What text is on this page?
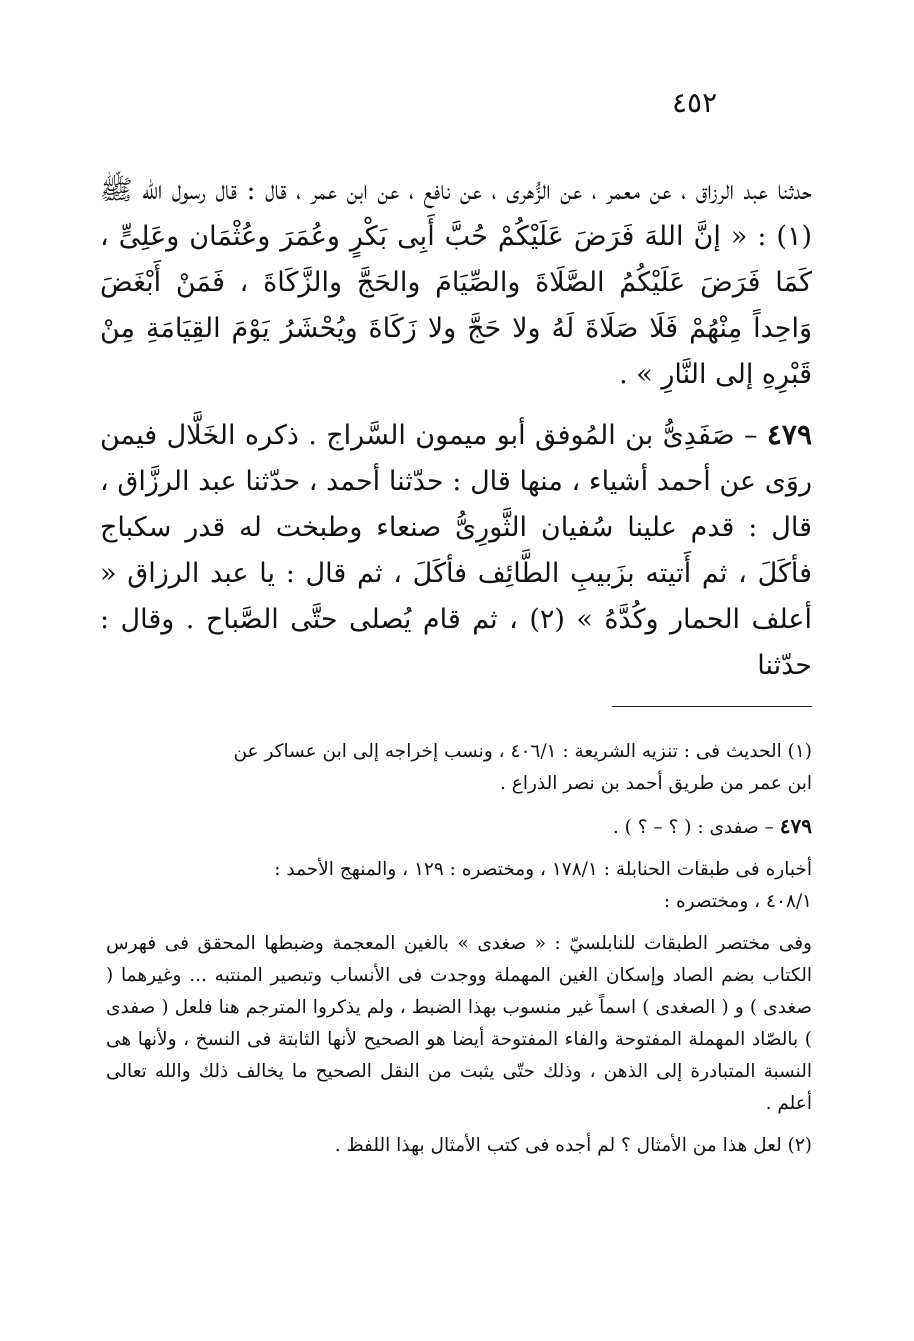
٤٥٢

حدثنا عبد الرزاق ، عن معمر ، عن الزُّهرى ، عن نافع ، عن ابن عمر ، قال : قال رسول الله ﷺ (١) : « إنَّ اللهَ فَرَضَ عَلَيْكُمْ حُبَّ أَبِى بَكْرٍ وعُمَرَ وعُثْمَان وعَلِىٍّ ، كَمَا فَرَضَ عَلَيْكُمُ الصَّلَاةَ والصِّيَامَ والحَجَّ والزَّكَاةَ ، فَمَنْ أَبْغَضَ وَاحِداً مِنْهُمْ فَلَا صَلَاةَ لَهُ ولا حَجَّ ولا زَكَاةَ ويُحْشَرُ يَوْمَ القِيَامَةِ مِنْ قَبْرِهِ إلى النَّارِ » .

٤٧٩ – صَفَدِىُّ بن المُوفق أبو ميمون السَّراج . ذكره الخَلَّال فيمن روَى عن أحمد أشياء ، منها قال : حدّثنا أحمد ، حدّثنا عبد الرزَّاق ، قال : قدم علينا سُفيان الثَّورِىُّ صنعاء وطبخت له قدر سكباج فأكَلَ ، ثم أَتيته بزَبيبِ الطَّائِف فأكَلَ ، ثم قال : يا عبد الرزاق « أعلف الحمار وكُدَّهُ » (٢) ، ثم قام يُصلى حتَّى الصَّباح . وقال : حدّثنا

(١) الحديث فى : تنزيه الشريعة : ٤٠٦/١ ، ونسب إخراجه إلى ابن عساكر عن

ابن عمر من طريق أحمد بن نصر الذراع .

٤٧٩ – صفدى : ( ؟ – ؟ ) .

أخباره فى طبقات الحنابلة : ١٧٨/١ ، ومختصره : ١٢٩ ، والمنهج الأحمد :

٤٠٨/١ ، ومختصره :

وفى مختصر الطبقات للنابلسيّ : « صغدى » بالغين المعجمة وضبطها المحقق فى فهرس الكتاب بضم الصاد وإسكان الغين المهملة ووجدت فى الأنساب وتبصير المنتبه ... وغيرهما ( صغدى ) و ( الصغدى ) اسماً غير منسوب بهذا الضبط ، ولم يذكروا المترجم هنا فلعل ( صفدى ) بالصّاد المهملة المفتوحة والفاء المفتوحة أيضا هو الصحيح لأنها الثابتة فى النسخ ، ولأنها هى النسبة المتبادرة إلى الذهن ، وذلك حتّى يثبت من النقل الصحيح ما يخالف ذلك والله تعالى أعلم .

(٢) لعل هذا من الأمثال ؟ لم أجده فى كتب الأمثال بهذا اللفظ .
